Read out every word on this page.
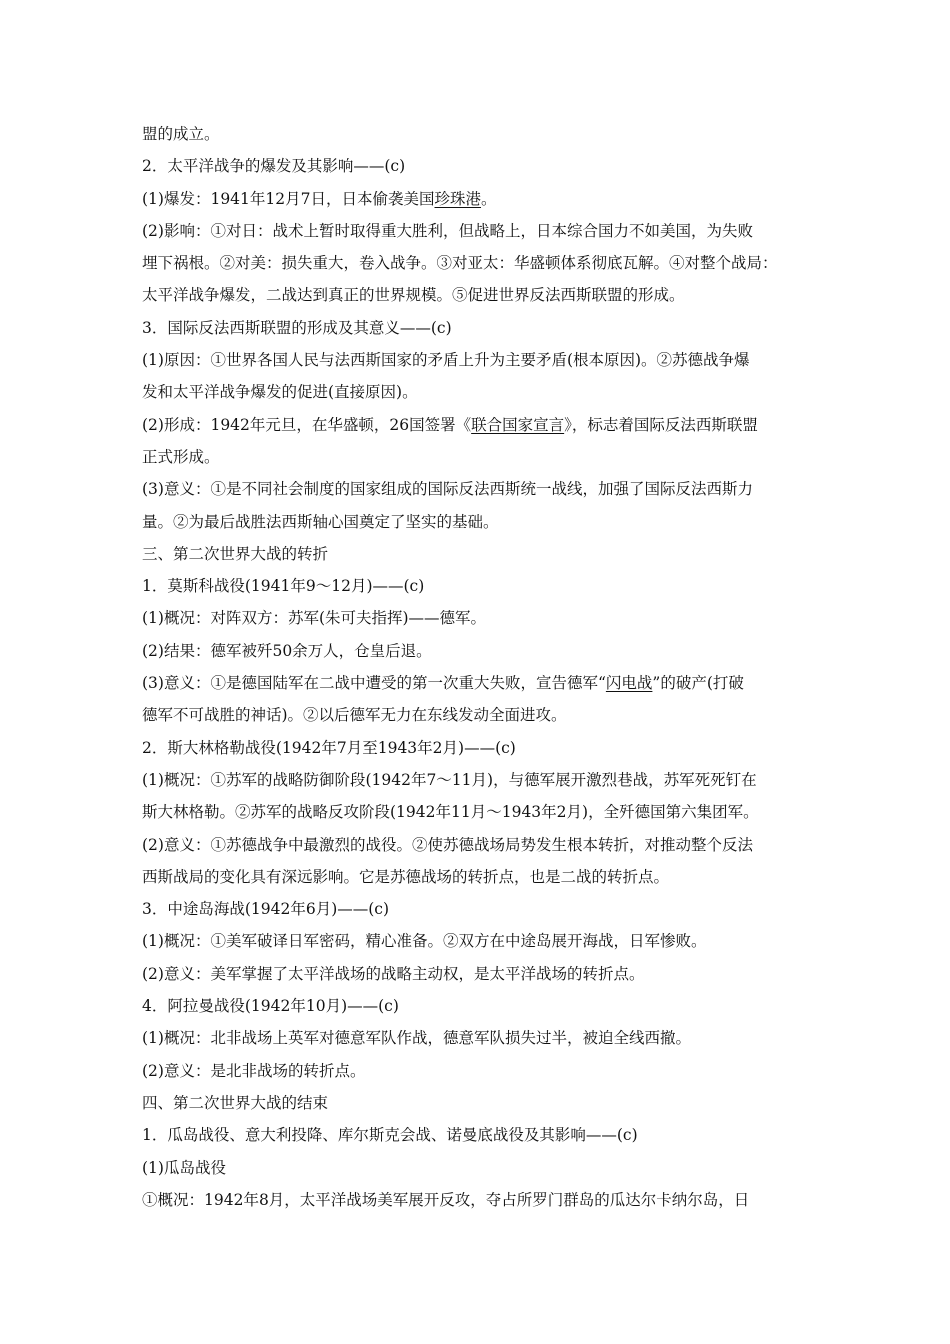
盟的成立。
2．太平洋战争的爆发及其影响——(c)
(1)爆发：1941年12月7日，日本偷袭美国珍珠港。
(2)影响：①对日：战术上暂时取得重大胜利，但战略上，日本综合国力不如美国，为失败
埋下祸根。②对美：损失重大，卷入战争。③对亚太：华盛顿体系彻底瓦解。④对整个战局：
太平洋战争爆发，二战达到真正的世界规模。⑤促进世界反法西斯联盟的形成。
3．国际反法西斯联盟的形成及其意义——(c)
(1)原因：①世界各国人民与法西斯国家的矛盾上升为主要矛盾(根本原因)。②苏德战争爆
发和太平洋战争爆发的促进(直接原因)。
(2)形成：1942年元旦，在华盛顿，26国签署《联合国家宣言》，标志着国际反法西斯联盟
正式形成。
(3)意义：①是不同社会制度的国家组成的国际反法西斯统一战线，加强了国际反法西斯力
量。②为最后战胜法西斯轴心国奠定了坚实的基础。
三、第二次世界大战的转折
1．莫斯科战役(1941年9～12月)——(c)
(1)概况：对阵双方：苏军(朱可夫指挥)——德军。
(2)结果：德军被歼50余万人，仓皇后退。
(3)意义：①是德国陆军在二战中遭受的第一次重大失败，宣告德军“闪电战”的破产(打破
德军不可战胜的神话)。②以后德军无力在东线发动全面进攻。
2．斯大林格勒战役(1942年7月至1943年2月)——(c)
(1)概况：①苏军的战略防御阶段(1942年7～11月)，与德军展开激烈巷战，苏军死死钉在
斯大林格勒。②苏军的战略反攻阶段(1942年11月～1943年2月)，全歼德国第六集团军。
(2)意义：①苏德战争中最激烈的战役。②使苏德战场局势发生根本转折，对推动整个反法
西斯战局的变化具有深远影响。它是苏德战场的转折点，也是二战的转折点。
3．中途岛海战(1942年6月)——(c)
(1)概况：①美军破译日军密码，精心准备。②双方在中途岛展开海战，日军惨败。
(2)意义：美军掌握了太平洋战场的战略主动权，是太平洋战场的转折点。
4．阿拉曼战役(1942年10月)——(c)
(1)概况：北非战场上英军对德意军队作战，德意军队损失过半，被迫全线西撤。
(2)意义：是北非战场的转折点。
四、第二次世界大战的结束
1．瓜岛战役、意大利投降、库尔斯克会战、诺曼底战役及其影响——(c)
(1)瓜岛战役
①概况：1942年8月，太平洋战场美军展开反攻，夺占所罗门群岛的瓜达尔卡纳尔岛，日
